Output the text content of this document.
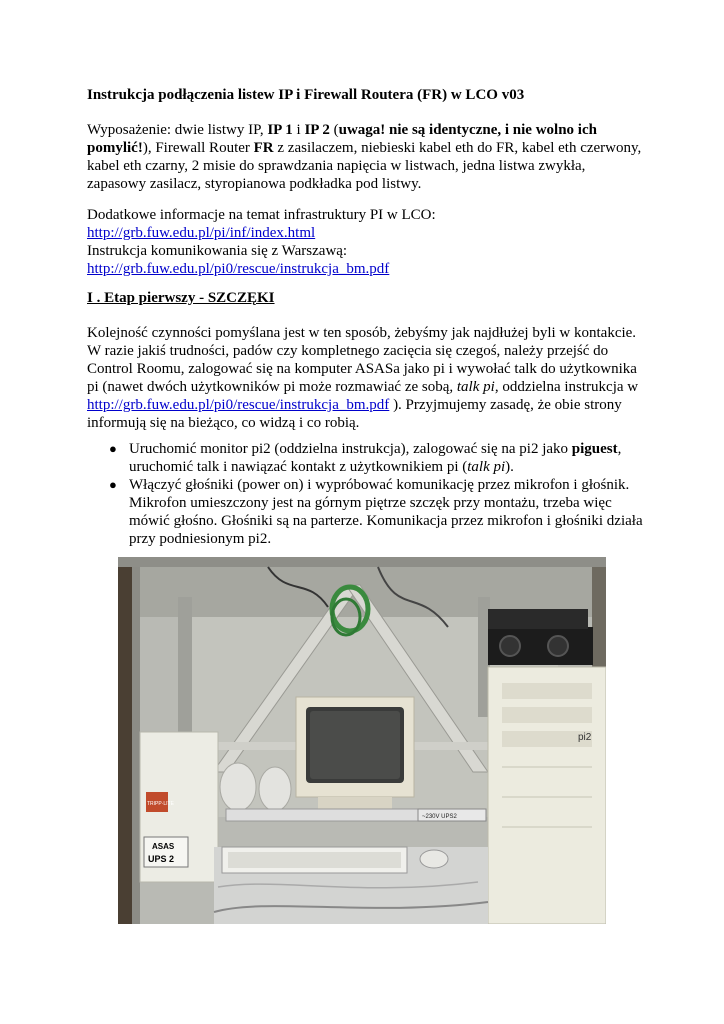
Instrukcja podłączenia listew IP i Firewall Routera (FR) w LCO v03

Wyposażenie: dwie listwy IP, IP 1 i IP 2 (uwaga! nie są identyczne, i nie wolno ich pomylić!), Firewall Router FR z zasilaczem, niebieski kabel eth do FR, kabel eth czerwony, kabel eth czarny, 2 misie do sprawdzania napięcia w listwach, jedna listwa zwykła, zapasowy zasilacz, styropianowa podkładka pod listwy.

Dodatkowe informacje na temat infrastruktury PI w LCO:
http://grb.fuw.edu.pl/pi/inf/index.html
Instrukcja komunikowania się z Warszawą:
http://grb.fuw.edu.pl/pi0/rescue/instrukcja_bm.pdf

I . Etap pierwszy - SZCZĘKI

Kolejność czynności pomyślana jest w ten sposób, żebyśmy jak najdłużej byli w kontakcie. W razie jakiś trudności, padów czy kompletnego zacięcia się czegoś, należy przejść do Control Roomu, zalogować się na komputer ASASa jako pi i wywołać talk do użytkownika pi (nawet dwóch użytkowników pi może rozmawiać ze sobą, talk pi, oddzielna instrukcja w http://grb.fuw.edu.pl/pi0/rescue/instrukcja_bm.pdf ). Przyjmujemy zasadę, że obie strony informują się na bieżąco, co widzą i co robią.

● Uruchomić monitor pi2 (oddzielna instrukcja), zalogować się na pi2 jako piguest, uruchomić talk i nawiązać kontakt z użytkownikiem pi (talk pi).
● Włączyć głośniki (power on) i wypróbować komunikację przez mikrofon i głośnik. Mikrofon umieszczony jest na górnym piętrze szczęk przy montażu, trzeba więc mówić głośno. Głośniki są na parterze. Komunikacja przez mikrofon i głośniki działa przy podniesionym pi2.
pi2
TRIPP·LITE
ASAS
UPS 2
~230V UPS2
